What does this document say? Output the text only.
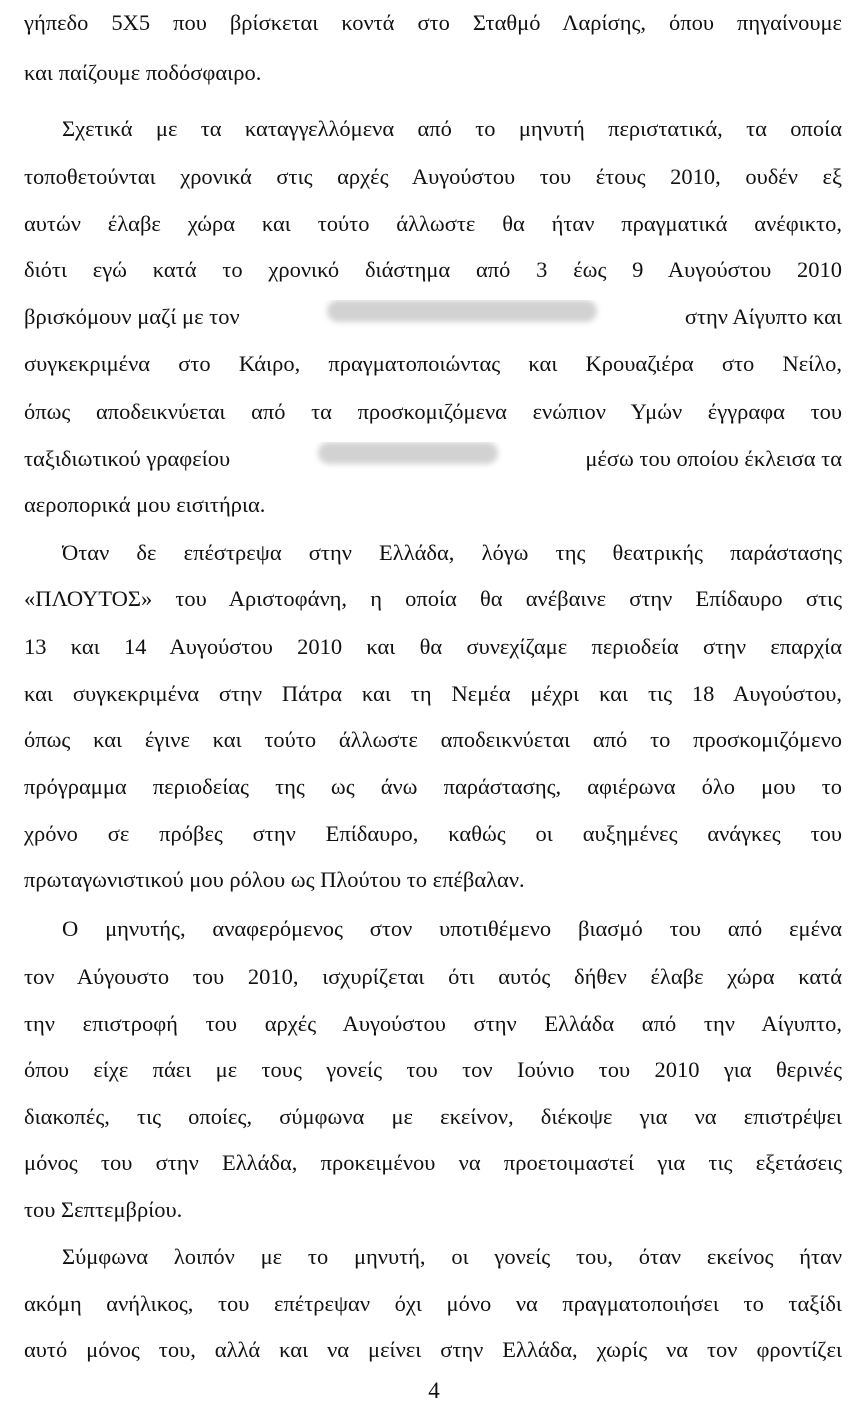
γήπεδο 5Χ5 που βρίσκεται κοντά στο Σταθμό Λαρίσης, όπου πηγαίνουμε
και παίζουμε ποδόσφαιρο.
Σχετικά με τα καταγγελλόμενα από το μηνυτή περιστατικά, τα οποία
τοποθετούνται χρονικά στις αρχές Αυγούστου του έτους 2010, ουδέν εξ
αυτών έλαβε χώρα και τούτο άλλωστε θα ήταν πραγματικά ανέφικτο,
διότι εγώ κατά το χρονικό διάστημα από 3 έως 9 Αυγούστου 2010
βρισκόμουν μαζί με τον	στην Αίγυπτο και
συγκεκριμένα στο Κάιρο, πραγματοποιώντας και Κρουαζιέρα στο Νείλο,
όπως αποδεικνύεται από τα προσκομιζόμενα ενώπιον Υμών έγγραφα του
ταξιδιωτικού γραφείου	μέσω του οποίου έκλεισα τα
αεροπορικά μου εισιτήρια.
Όταν δε επέστρεψα στην Ελλάδα, λόγω της θεατρικής παράστασης
«ΠΛΟΥΤΟΣ» του Αριστοφάνη, η οποία θα ανέβαινε στην Επίδαυρο στις
13 και 14 Αυγούστου 2010 και θα συνεχίζαμε περιοδεία στην επαρχία
και συγκεκριμένα στην Πάτρα και τη Νεμέα μέχρι και τις 18 Αυγούστου,
όπως και έγινε και τούτο άλλωστε αποδεικνύεται από το προσκομιζόμενο
πρόγραμμα περιοδείας της ως άνω παράστασης, αφιέρωνα όλο μου το
χρόνο σε πρόβες στην Επίδαυρο, καθώς οι αυξημένες ανάγκες του
πρωταγωνιστικού μου ρόλου ως Πλούτου το επέβαλαν.
Ο μηνυτής, αναφερόμενος στον υποτιθέμενο βιασμό του από εμένα
τον Αύγουστο του 2010, ισχυρίζεται ότι αυτός δήθεν έλαβε χώρα κατά
την επιστροφή του αρχές Αυγούστου στην Ελλάδα από την Αίγυπτο,
όπου είχε πάει με τους γονείς του τον Ιούνιο του 2010 για θερινές
διακοπές, τις οποίες, σύμφωνα με εκείνον, διέκοψε για να επιστρέψει
μόνος του στην Ελλάδα, προκειμένου να προετοιμαστεί για τις εξετάσεις
του Σεπτεμβρίου.
Σύμφωνα λοιπόν με το μηνυτή, οι γονείς του, όταν εκείνος ήταν
ακόμη ανήλικος, του επέτρεψαν όχι μόνο να πραγματοποιήσει το ταξίδι
αυτό μόνος του, αλλά και να μείνει στην Ελλάδα, χωρίς να τον φροντίζει
4
